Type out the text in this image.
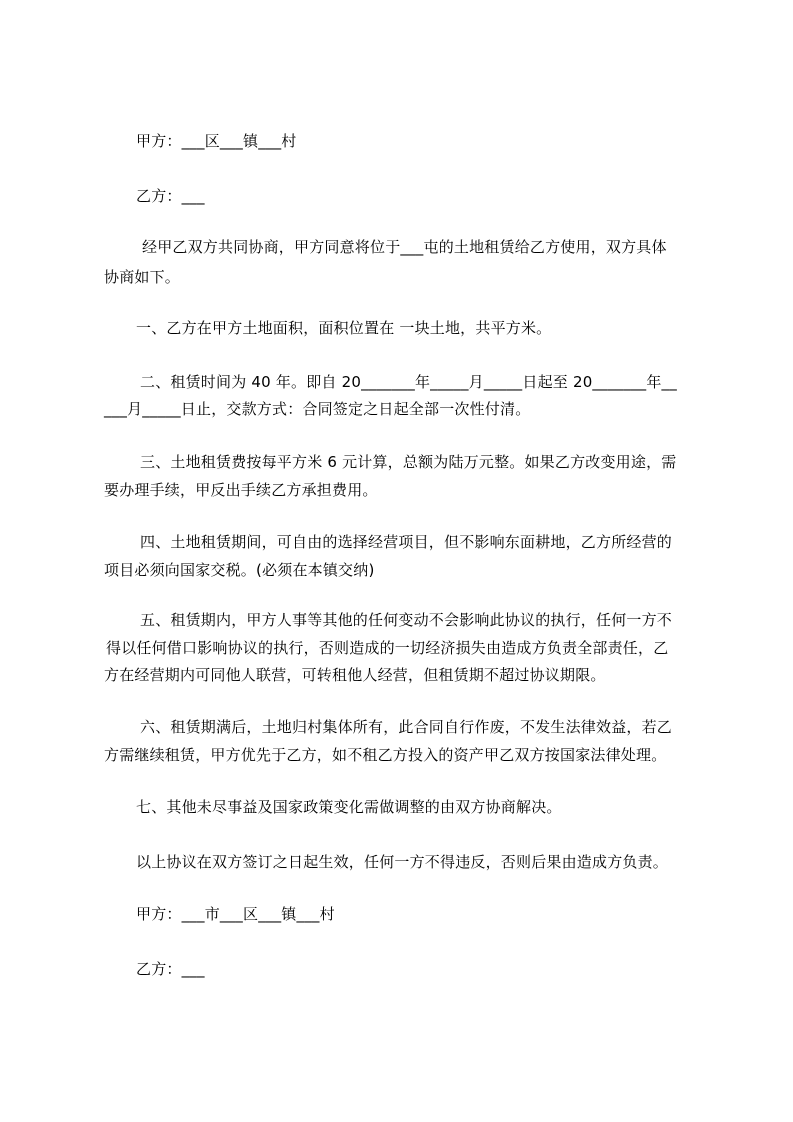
甲方：___区___镇___村
乙方：___
经甲乙双方共同协商，甲方同意将位于___屯的土地租赁给乙方使用，双方具体
协商如下。
一、乙方在甲方土地面积，面积位置在 一块土地，共平方米。
二、租赁时间为 40 年。即自 20_______年_____月_____日起至 20_______年__
___月_____日止，交款方式：合同签定之日起全部一次性付清。
三、土地租赁费按每平方米 6 元计算，总额为陆万元整。如果乙方改变用途，需
要办理手续，甲反出手续乙方承担费用。
四、土地租赁期间，可自由的选择经营项目，但不影响东面耕地，乙方所经营的
项目必须向国家交税。(必须在本镇交纳)
五、租赁期内，甲方人事等其他的任何变动不会影响此协议的执行，任何一方不
得以任何借口影响协议的执行，否则造成的一切经济损失由造成方负责全部责任，乙
方在经营期内可同他人联营，可转租他人经营，但租赁期不超过协议期限。
六、租赁期满后，土地归村集体所有，此合同自行作废，不发生法律效益，若乙
方需继续租赁，甲方优先于乙方，如不租乙方投入的资产甲乙双方按国家法律处理。
七、其他未尽事益及国家政策变化需做调整的由双方协商解决。
以上协议在双方签订之日起生效，任何一方不得违反，否则后果由造成方负责。
甲方：___市___区___镇___村
乙方：___
